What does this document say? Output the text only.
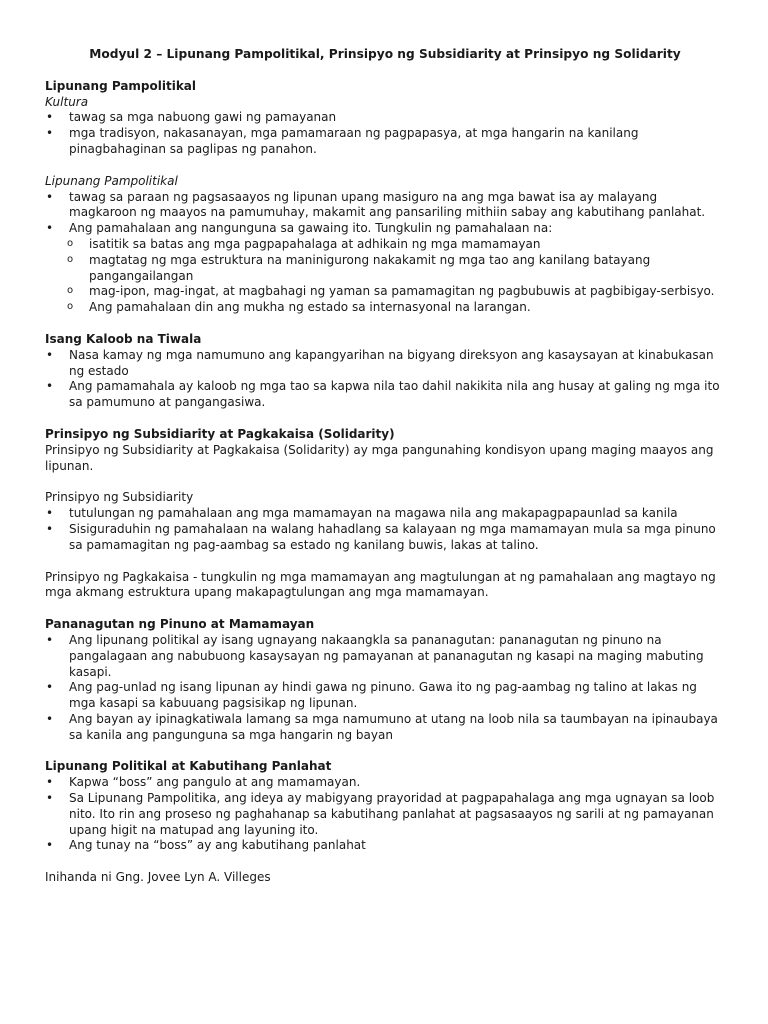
Modyul 2 – Lipunang Pampolitikal, Prinsipyo ng Subsidiarity at Prinsipyo ng Solidarity

Lipunang Pampolitikal

Kultura

• tawag sa mga nabuong gawi ng pamayanan
• mga tradisyon, nakasanayan, mga pamamaraan ng pagpapasya, at mga hangarin na kanilang pinagbahaginan sa paglipas ng panahon.

Lipunang Pampolitikal

• tawag sa paraan ng pagsasaayos ng lipunan upang masiguro na ang mga bawat isa ay malayang magkaroon ng maayos na pamumuhay, makamit ang pansariling mithiin sabay ang kabutihang panlahat.
• Ang pamahalaan ang nangunguna sa gawaing ito. Tungkulin ng pamahalaan na:
o isatitik sa batas ang mga pagpapahalaga at adhikain ng mga mamamayan
o magtatag ng mga estruktura na maninigurong nakakamit ng mga tao ang kanilang batayang pangangailangan
o mag-ipon, mag-ingat, at magbahagi ng yaman sa pamamagitan ng pagbubuwis at pagbibigay-serbisyo.
o Ang pamahalaan din ang mukha ng estado sa internasyonal na larangan.

Isang Kaloob na Tiwala

• Nasa kamay ng mga namumuno ang kapangyarihan na bigyang direksyon ang kasaysayan at kinabukasan ng estado
• Ang pamamahala ay kaloob ng mga tao sa kapwa nila tao dahil nakikita nila ang husay at galing ng mga ito sa pamumuno at pangangasiwa.

Prinsipyo ng Subsidiarity at Pagkakaisa (Solidarity)

Prinsipyo ng Subsidiarity at Pagkakaisa (Solidarity) ay mga pangunahing kondisyon upang maging maayos ang lipunan.

Prinsipyo ng Subsidiarity

• tutulungan ng pamahalaan ang mga mamamayan na magawa nila ang makapagpapaunlad sa kanila
• Sisiguraduhin ng pamahalaan na walang hahadlang sa kalayaan ng mga mamamayan mula sa mga pinuno sa pamamagitan ng pag-aambag sa estado ng kanilang buwis, lakas at talino.

Prinsipyo ng Pagkakaisa - tungkulin ng mga mamamayan ang magtulungan at ng pamahalaan ang magtayo ng mga akmang estruktura upang makapagtulungan ang mga mamamayan.

Pananagutan ng Pinuno at Mamamayan

• Ang lipunang politikal ay isang ugnayang nakaangkla sa pananagutan: pananagutan ng pinuno na pangalagaan ang nabubuong kasaysayan ng pamayanan at pananagutan ng kasapi na maging mabuting kasapi.
• Ang pag-unlad ng isang lipunan ay hindi gawa ng pinuno. Gawa ito ng pag-aambag ng talino at lakas ng mga kasapi sa kabuuang pagsisikap ng lipunan.
• Ang bayan ay ipinagkatiwala lamang sa mga namumuno at utang na loob nila sa taumbayan na ipinaubaya sa kanila ang pangunguna sa mga hangarin ng bayan

Lipunang Politikal at Kabutihang Panlahat

• Kapwa “boss” ang pangulo at ang mamamayan.
• Sa Lipunang Pampolitika, ang ideya ay mabigyang prayoridad at pagpapahalaga ang mga ugnayan sa loob nito. Ito rin ang proseso ng paghahanap sa kabutihang panlahat at pagsasaayos ng sarili at ng pamayanan upang higit na matupad ang layuning ito.
• Ang tunay na “boss” ay ang kabutihang panlahat

Inihanda ni Gng. Jovee Lyn A. Villeges
